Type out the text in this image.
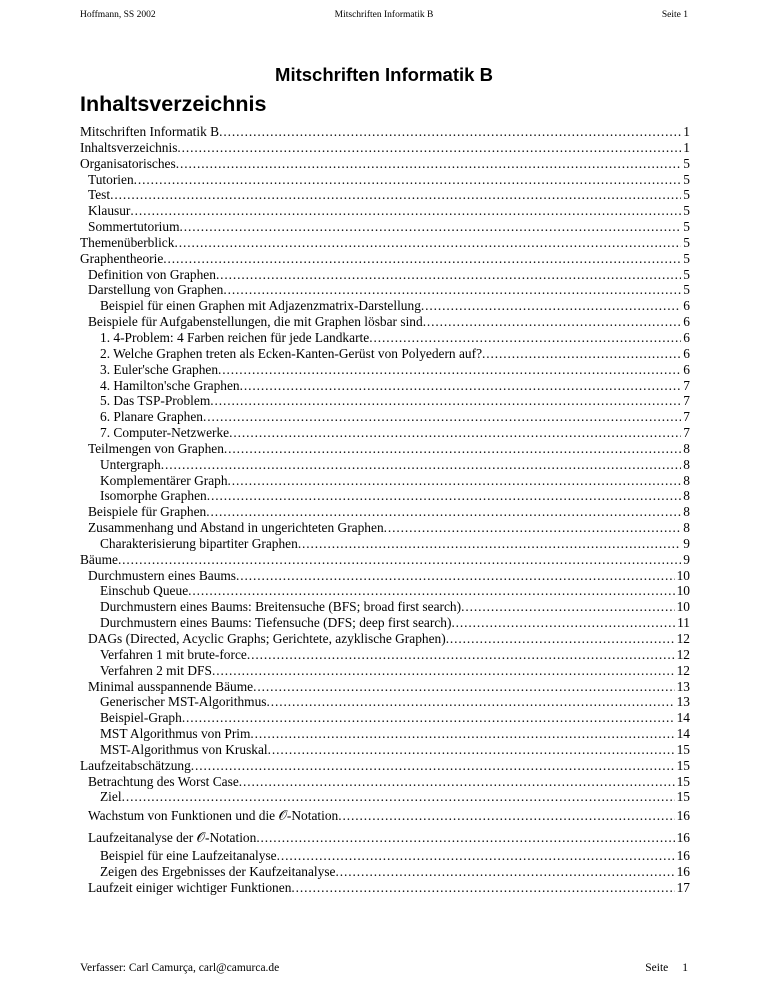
Hoffmann, SS 2002	Mitschriften Informatik B	Seite 1
Mitschriften Informatik B
Inhaltsverzeichnis
Mitschriften Informatik B .....	1
Inhaltsverzeichnis .....	1
Organisatorisches .....	5
Tutorien .....	5
Test .....	5
Klausur .....	5
Sommertutorium .....	5
Themenüberblick .....	5
Graphentheorie .....	5
Definition von Graphen .....	5
Darstellung von Graphen .....	5
Beispiel für einen Graphen mit Adjazenzmatrix-Darstellung .....	6
Beispiele für Aufgabenstellungen, die mit Graphen lösbar sind .....	6
1. 4-Problem: 4 Farben reichen für jede Landkarte .....	6
2. Welche Graphen treten als Ecken-Kanten-Gerüst von Polyedern auf? .....	6
3. Euler'sche Graphen .....	6
4. Hamilton'sche Graphen .....	7
5. Das TSP-Problem .....	7
6. Planare Graphen .....	7
7. Computer-Netzwerke .....	7
Teilmengen von Graphen .....	8
Untergraph .....	8
Komplementärer Graph .....	8
Isomorphe Graphen .....	8
Beispiele für Graphen .....	8
Zusammenhang und Abstand in ungerichteten Graphen .....	8
Charakterisierung bipartiter Graphen .....	9
Bäume .....	9
Durchmustern eines Baums .....	10
Einschub Queue .....	10
Durchmustern eines Baums: Breitensuche (BFS; broad first search) .....	10
Durchmustern eines Baums: Tiefensuche (DFS; deep first search) .....	11
DAGs (Directed, Acyclic Graphs; Gerichtete, azyklische Graphen) .....	12
Verfahren 1 mit brute-force .....	12
Verfahren 2 mit DFS .....	12
Minimal ausspannende Bäume .....	13
Generischer MST-Algorithmus .....	13
Beispiel-Graph .....	14
MST Algorithmus von Prim .....	14
MST-Algorithmus von Kruskal .....	15
Laufzeitabschätzung .....	15
Betrachtung des Worst Case .....	15
Ziel .....	15
Wachstum von Funktionen und die 𝒪-Notation .....	16
Laufzeitanalyse der 𝒪-Notation .....	16
Beispiel für eine Laufzeitanalyse .....	16
Zeigen des Ergebnisses der Kaufzeitanalyse .....	16
Laufzeit einiger wichtiger Funktionen .....	17
Verfasser: Carl Camurça, carl@camurca.de	Seite 1
